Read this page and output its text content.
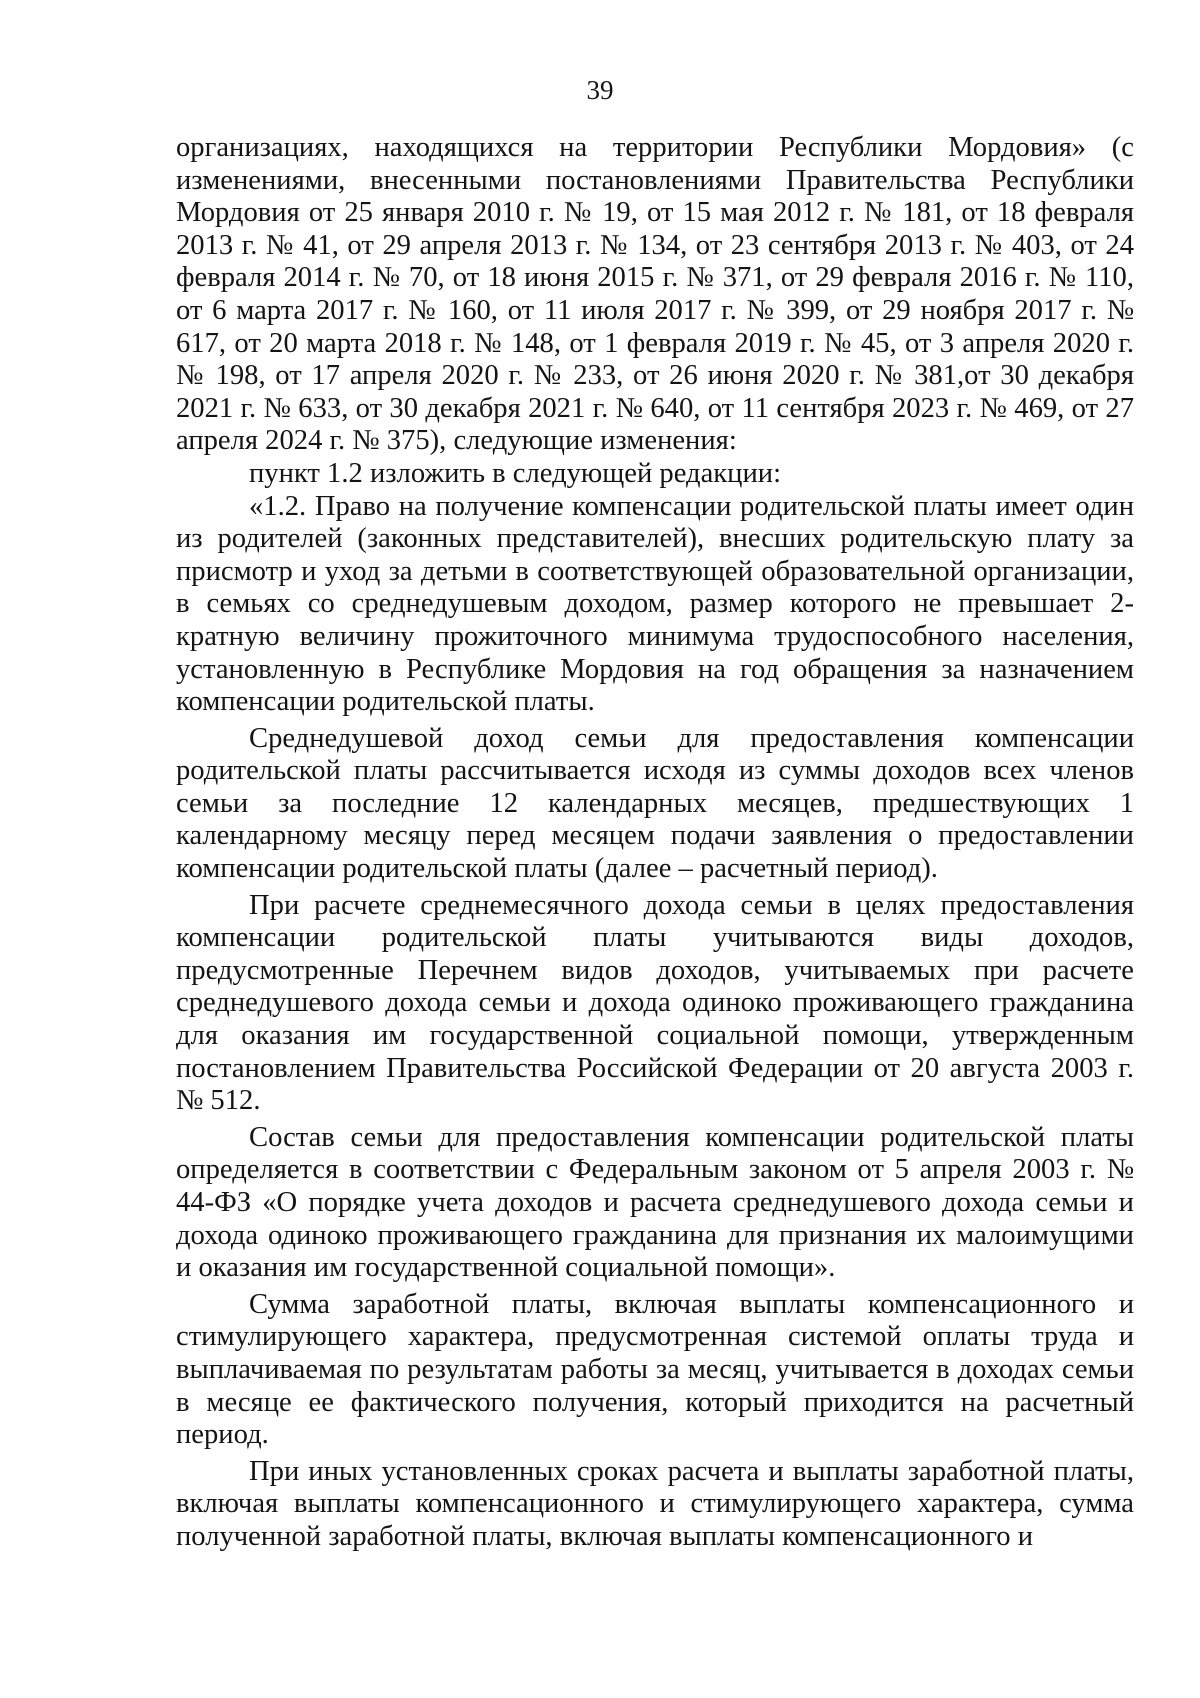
39

организациях, находящихся на территории Республики Мордовия» (с изменениями, внесенными постановлениями Правительства Республики Мордовия от 25 января 2010 г. № 19, от 15 мая 2012 г. № 181, от 18 февраля 2013 г. № 41, от 29 апреля 2013 г. № 134, от 23 сентября 2013 г. № 403, от 24 февраля 2014 г. № 70, от 18 июня 2015 г. № 371, от 29 февраля 2016 г. № 110, от 6 марта 2017 г. № 160, от 11 июля 2017 г. № 399, от 29 ноября 2017 г. № 617, от 20 марта 2018 г. № 148, от 1 февраля 2019 г. № 45, от 3 апреля 2020 г. № 198, от 17 апреля 2020 г. № 233, от 26 июня 2020 г. № 381,от 30 декабря 2021 г. № 633, от 30 декабря 2021 г. № 640, от 11 сентября 2023 г. № 469, от 27 апреля 2024 г. № 375), следующие изменения:

пункт 1.2 изложить в следующей редакции:

«1.2. Право на получение компенсации родительской платы имеет один из родителей (законных представителей), внесших родительскую плату за присмотр и уход за детьми в соответствующей образовательной организации, в семьях со среднедушевым доходом, размер которого не превышает 2-кратную величину прожиточного минимума трудоспособного населения, установленную в Республике Мордовия на год обращения за назначением компенсации родительской платы.

Среднедушевой доход семьи для предоставления компенсации родительской платы рассчитывается исходя из суммы доходов всех членов семьи за последние 12 календарных месяцев, предшествующих 1 календарному месяцу перед месяцем подачи заявления о предоставлении компенсации родительской платы (далее – расчетный период).

При расчете среднемесячного дохода семьи в целях предоставления компенсации родительской платы учитываются виды доходов, предусмотренные Перечнем видов доходов, учитываемых при расчете среднедушевого дохода семьи и дохода одиноко проживающего гражданина для оказания им государственной социальной помощи, утвержденным постановлением Правительства Российской Федерации от 20 августа 2003 г. № 512.

Состав семьи для предоставления компенсации родительской платы определяется в соответствии с Федеральным законом от 5 апреля 2003 г. № 44-ФЗ «О порядке учета доходов и расчета среднедушевого дохода семьи и дохода одиноко проживающего гражданина для признания их малоимущими и оказания им государственной социальной помощи».

Сумма заработной платы, включая выплаты компенсационного и стимулирующего характера, предусмотренная системой оплаты труда и выплачиваемая по результатам работы за месяц, учитывается в доходах семьи в месяце ее фактического получения, который приходится на расчетный период.

При иных установленных сроках расчета и выплаты заработной платы, включая выплаты компенсационного и стимулирующего характера, сумма полученной заработной платы, включая выплаты компенсационного и
